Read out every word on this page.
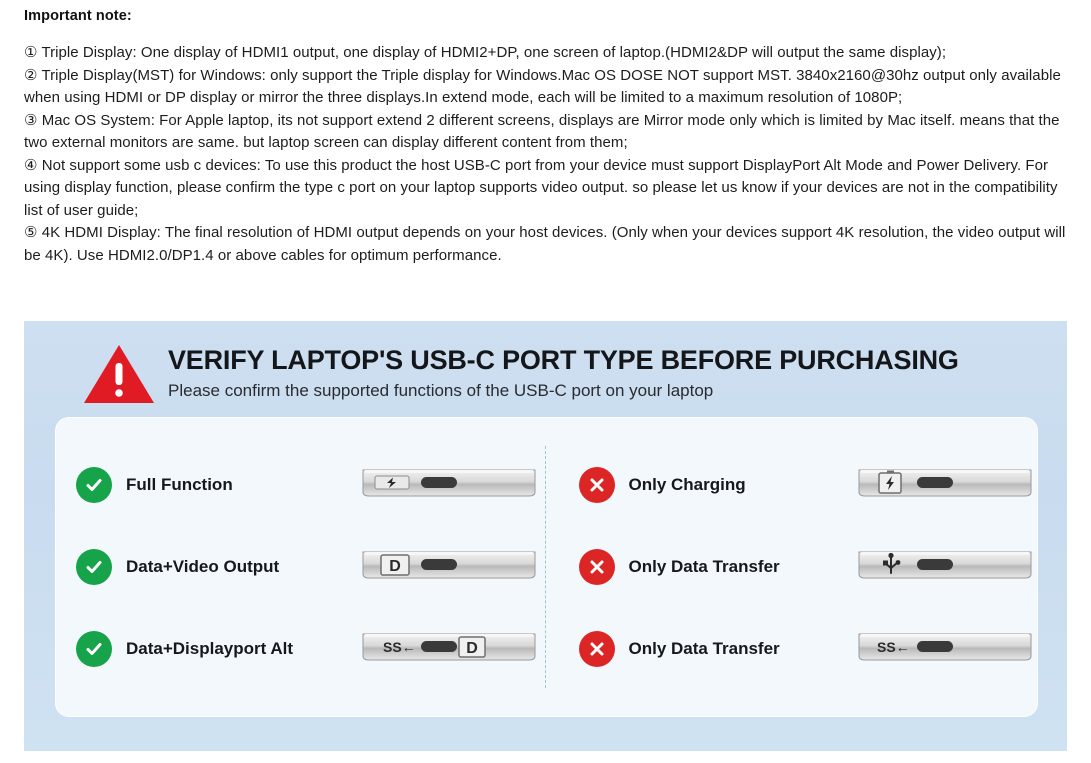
Important note:

① Triple Display: One display of HDMI1 output, one display of HDMI2+DP, one screen of laptop.(HDMI2&DP will output the same display);

② Triple Display(MST) for Windows: only support the Triple display for Windows.Mac OS DOSE NOT support MST. 3840x2160@30hz output only available when using HDMI or DP display or mirror the three displays.In extend mode, each will be limited to a maximum resolution of 1080P;

③ Mac OS System: For Apple laptop, its not support extend 2 different screens, displays are Mirror mode only which is limited by Mac itself. means that the two external monitors are same. but laptop screen can display different content from them;

④ Not support some usb c devices: To use this product the host USB-C port from your device must support DisplayPort Alt Mode and Power Delivery. For using display function, please confirm the type c port on your laptop supports video output. so please let us know if your devices are not in the compatibility list of user guide;

⑤ 4K HDMI Display: The final resolution of HDMI output depends on your host devices. (Only when your devices support 4K resolution, the video output will be 4K). Use HDMI2.0/DP1.4 or above cables for optimum performance.

VERIFY LAPTOP'S USB-C PORT TYPE BEFORE PURCHASING
Please confirm the supported functions of the USB-C port on your laptop
Full Function
Data+Video Output	D
Data+Displayport Alt	SS←	D
Only Charging
Only Data Transfer
Only Data Transfer	SS←
